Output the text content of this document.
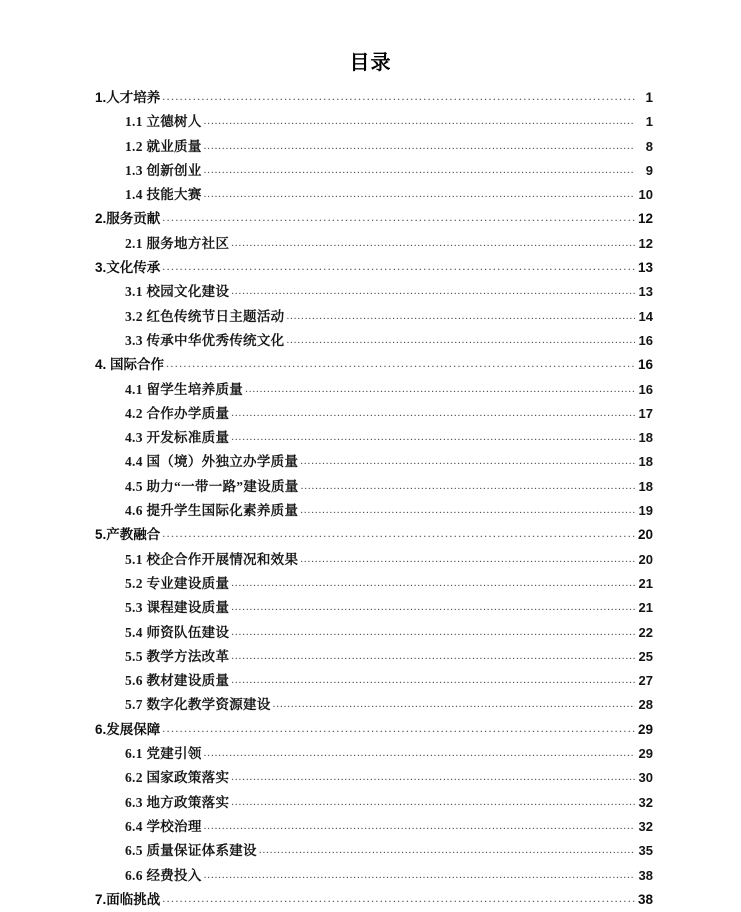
目录
1.人才培养 .....	1
1.1 立德树人 .....	1
1.2 就业质量 .....	8
1.3 创新创业 .....	9
1.4 技能大赛 .....	10
2.服务贡献 .....	12
2.1 服务地方社区 .....	12
3.文化传承 .....	13
3.1 校园文化建设 .....	13
3.2 红色传统节日主题活动 .....	14
3.3 传承中华优秀传统文化 .....	16
4. 国际合作 .....	16
4.1 留学生培养质量 .....	16
4.2 合作办学质量 .....	17
4.3 开发标准质量 .....	18
4.4 国（境）外独立办学质量 .....	18
4.5 助力“一带一路”建设质量 .....	18
4.6 提升学生国际化素养质量 .....	19
5.产教融合 .....	20
5.1 校企合作开展情况和效果 .....	20
5.2 专业建设质量 .....	21
5.3 课程建设质量 .....	21
5.4 师资队伍建设 .....	22
5.5 教学方法改革 .....	25
5.6 教材建设质量 .....	27
5.7 数字化教学资源建设 .....	28
6.发展保障 .....	29
6.1 党建引领 .....	29
6.2 国家政策落实 .....	30
6.3 地方政策落实 .....	32
6.4 学校治理 .....	32
6.5 质量保证体系建设 .....	35
6.6 经费投入 .....	38
7.面临挑战 .....	38
